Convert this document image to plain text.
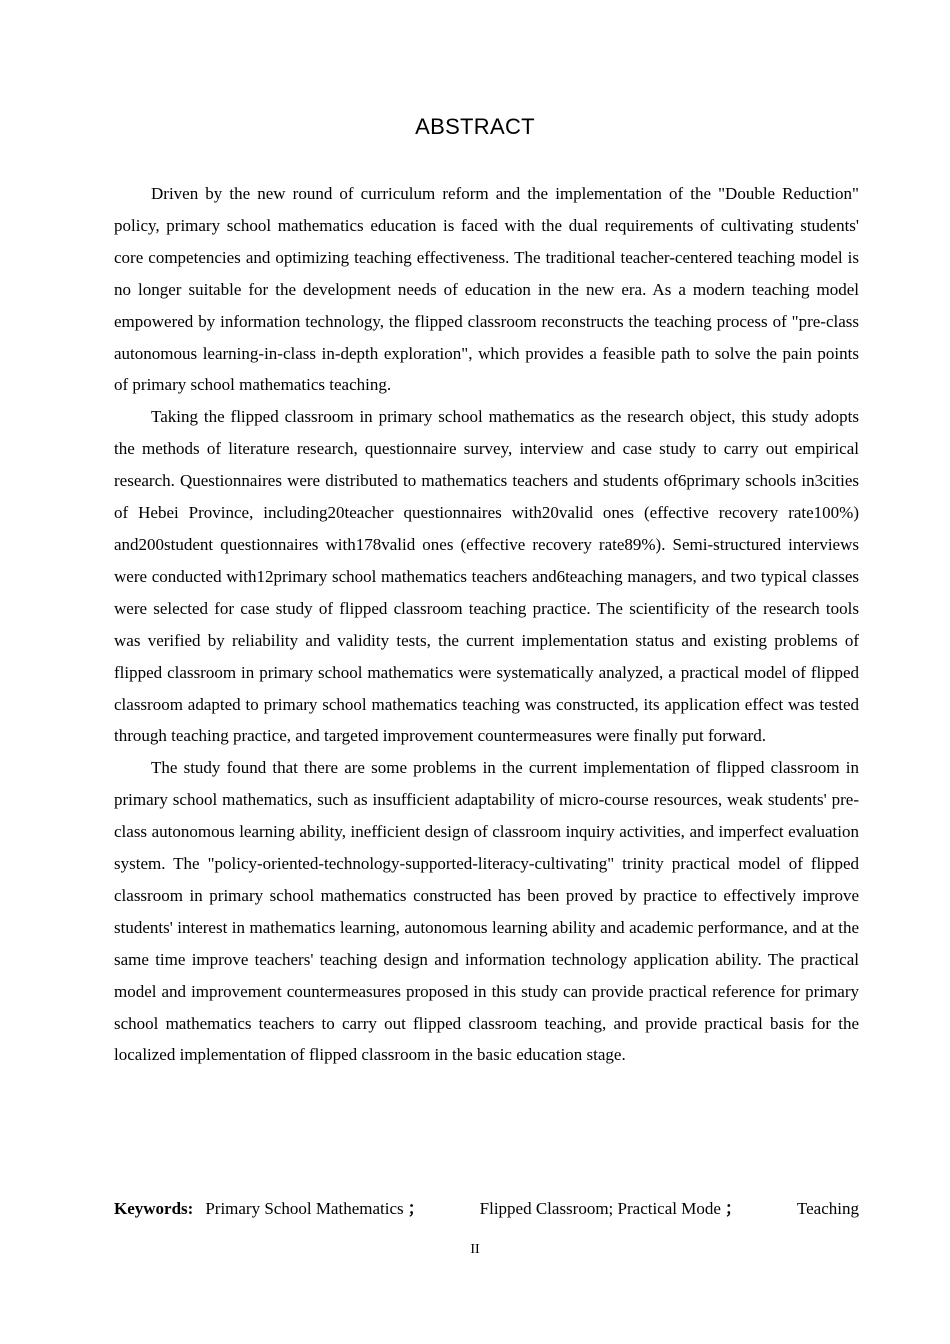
ABSTRACT

Driven by the new round of curriculum reform and the implementation of the "Double Reduction" policy, primary school mathematics education is faced with the dual requirements of cultivating students' core competencies and optimizing teaching effectiveness. The traditional teacher-centered teaching model is no longer suitable for the development needs of education in the new era. As a modern teaching model empowered by information technology, the flipped classroom reconstructs the teaching process of "pre-class autonomous learning-in-class in-depth exploration", which provides a feasible path to solve the pain points of primary school mathematics teaching.

Taking the flipped classroom in primary school mathematics as the research object, this study adopts the methods of literature research, questionnaire survey, interview and case study to carry out empirical research. Questionnaires were distributed to mathematics teachers and students of6primary schools in3cities of Hebei Province, including20teacher questionnaires with20valid ones (effective recovery rate100%) and200student questionnaires with178valid ones (effective recovery rate89%). Semi-structured interviews were conducted with12primary school mathematics teachers and6teaching managers, and two typical classes were selected for case study of flipped classroom teaching practice. The scientificity of the research tools was verified by reliability and validity tests, the current implementation status and existing problems of flipped classroom in primary school mathematics were systematically analyzed, a practical model of flipped classroom adapted to primary school mathematics teaching was constructed, its application effect was tested through teaching practice, and targeted improvement countermeasures were finally put forward.

The study found that there are some problems in the current implementation of flipped classroom in primary school mathematics, such as insufficient adaptability of micro-course resources, weak students' pre-class autonomous learning ability, inefficient design of classroom inquiry activities, and imperfect evaluation system. The "policy-oriented-technology-supported-literacy-cultivating" trinity practical model of flipped classroom in primary school mathematics constructed has been proved by practice to effectively improve students' interest in mathematics learning, autonomous learning ability and academic performance, and at the same time improve teachers' teaching design and information technology application ability. The practical model and improvement countermeasures proposed in this study can provide practical reference for primary school mathematics teachers to carry out flipped classroom teaching, and provide practical basis for the localized implementation of flipped classroom in the basic education stage.

Keywords: Primary School Mathematics ；	Flipped Classroom; Practical Mode ；	Teaching
II
